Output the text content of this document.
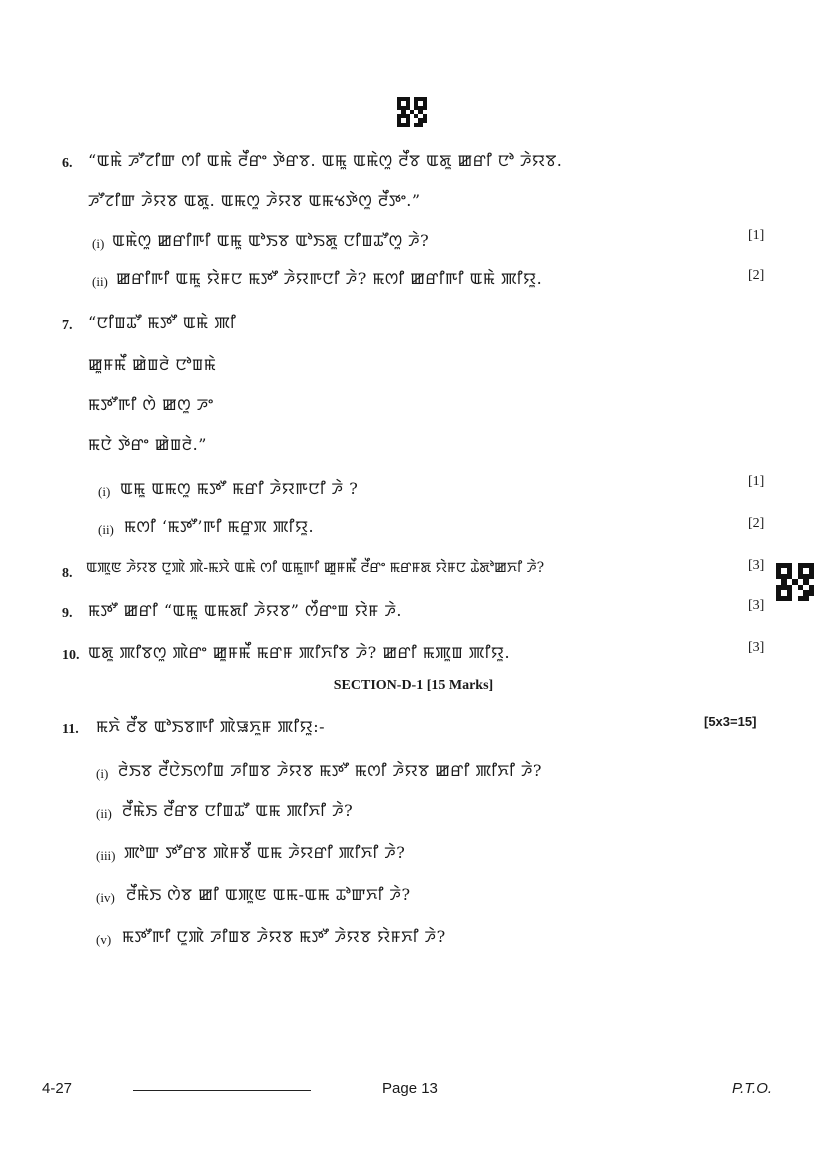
6. “ꯑꯃꯥ ꯍꯧꯖꯤꯛ ꯁꯤ ꯑꯃꯥ ꯂꯩꯔꯦ ꯇꯥꯔꯕ. ꯑꯃꯨ ꯑꯃꯥꯁꯨ ꯂꯩꯕ ꯑꯗꯨ ꯀꯔꯤ ꯅꯣ ꯍꯥꯌꯕ.
ꯍꯧꯖꯤꯛ ꯍꯥꯌꯕ ꯑꯗꯨ. ꯑꯃꯁꯨ ꯍꯥꯌꯕ ꯑꯃꯠꯇꯥꯁꯨ ꯂꯩꯇꯦ.”
(i) ꯑꯃꯥꯁꯨ ꯀꯔꯤꯒꯤ ꯑꯃꯨ ꯑꯣꯏꯕ ꯑꯣꯏꯗꯨ ꯅꯤꯡꯊꯧꯁꯨ ꯍꯥ?	[1]
(ii) ꯀꯔꯤꯒꯤ ꯑꯃꯨ ꯌꯥꯝꯅ ꯃꯇꯧ ꯍꯥꯌꯒꯅꯤ ꯍꯥ? ꯃꯁꯤ ꯀꯔꯤꯒꯤ ꯑꯃꯥ ꯄꯤꯌꯨ.	[2]
7. “ꯅꯤꯡꯊꯧ ꯃꯇꯧ ꯑꯃꯥ ꯄꯤ
ꯀꯨꯝꯃꯩ ꯀꯥꯡꯂꯥ ꯅꯣꯡꯃꯥ
ꯃꯇꯧꯒꯤ ꯁꯥ ꯀꯁꯨ ꯍꯦ
ꯃꯅꯥ ꯇꯥꯔꯦ ꯀꯥꯡꯂꯥ.”
(i) ꯑꯃꯨ ꯑꯃꯁꯨ ꯃꯇꯧ ꯃꯔꯤ ꯍꯥꯌꯒꯅꯤ ꯍꯥ ?	[1]
(ii) ꯃꯁꯤ ‘ꯃꯇꯧ’ꯒꯤ ꯃꯔꯨꯞ ꯄꯤꯌꯨ.	[2]
8. ꯑꯄꯨꯟ ꯍꯥꯌꯕ ꯅꯨꯄꯥ ꯄꯥ-ꯃꯆꯥ ꯑꯃꯥ ꯁꯤ ꯑꯃꯨꯒꯤ ꯀꯨꯝꯃꯩ ꯂꯩꯔꯦ ꯃꯔꯝꯗ ꯌꯥꯝꯅ ꯊꯥꯗꯣꯀꯈꯤ ꯍꯥ?	[3]
9. ꯃꯇꯧ ꯀꯔꯤ “ꯑꯃꯨ ꯑꯃꯗꯤ ꯍꯥꯌꯕ” ꯁꯩꯔꯦꯡ ꯌꯥꯝ ꯍꯥ.	[3]
10. ꯑꯗꯨ ꯄꯤꯕꯁꯨ ꯄꯥꯔꯦ ꯀꯨꯝꯃꯩ ꯃꯔꯝ ꯄꯤꯈꯤꯕ ꯍꯥ? ꯀꯔꯤ ꯃꯄꯨꯡ ꯄꯤꯌꯨ.	[3]
SECTION-D-1 [15 Marks]
11. ꯃꯈꯥ ꯂꯩꯕ ꯑꯣꯏꯕꯒꯤ ꯄꯥꯎꯈꯨꯝ ꯄꯤꯌꯨ:-	[5x3=15]
(i) ꯂꯥꯏꯕ ꯂꯩꯅꯥꯏꯁꯤꯡ ꯍꯤꯡꯕ ꯍꯥꯌꯕ ꯃꯇꯧ ꯃꯁꯤ ꯍꯥꯌꯕ ꯀꯔꯤ ꯄꯤꯈꯤ ꯍꯥ?
(ii) ꯂꯩꯃꯥꯏ ꯂꯩꯔꯕ ꯅꯤꯡꯊꯧ ꯑꯃ ꯄꯤꯈꯤ ꯍꯥ?
(iii) ꯄꯣꯛ ꯇꯧꯔꯕ ꯄꯥꯝꯕꯩ ꯑꯃ ꯍꯥꯌꯔꯤ ꯄꯤꯈꯤ ꯍꯥ?
(iv) ꯂꯩꯃꯥꯏ ꯁꯥꯕ ꯀꯤ ꯑꯄꯨꯟ ꯑꯃ-ꯑꯃ ꯊꯣꯛꯈꯤ ꯍꯥ?
(v) ꯃꯇꯧꯒꯤ ꯅꯨꯄꯥ ꯍꯤꯡꯕ ꯍꯥꯌꯕ ꯃꯇꯧ ꯍꯥꯌꯕ ꯌꯥꯝꯈꯤ ꯍꯥ?
4-27	Page 13	P.T.O.
